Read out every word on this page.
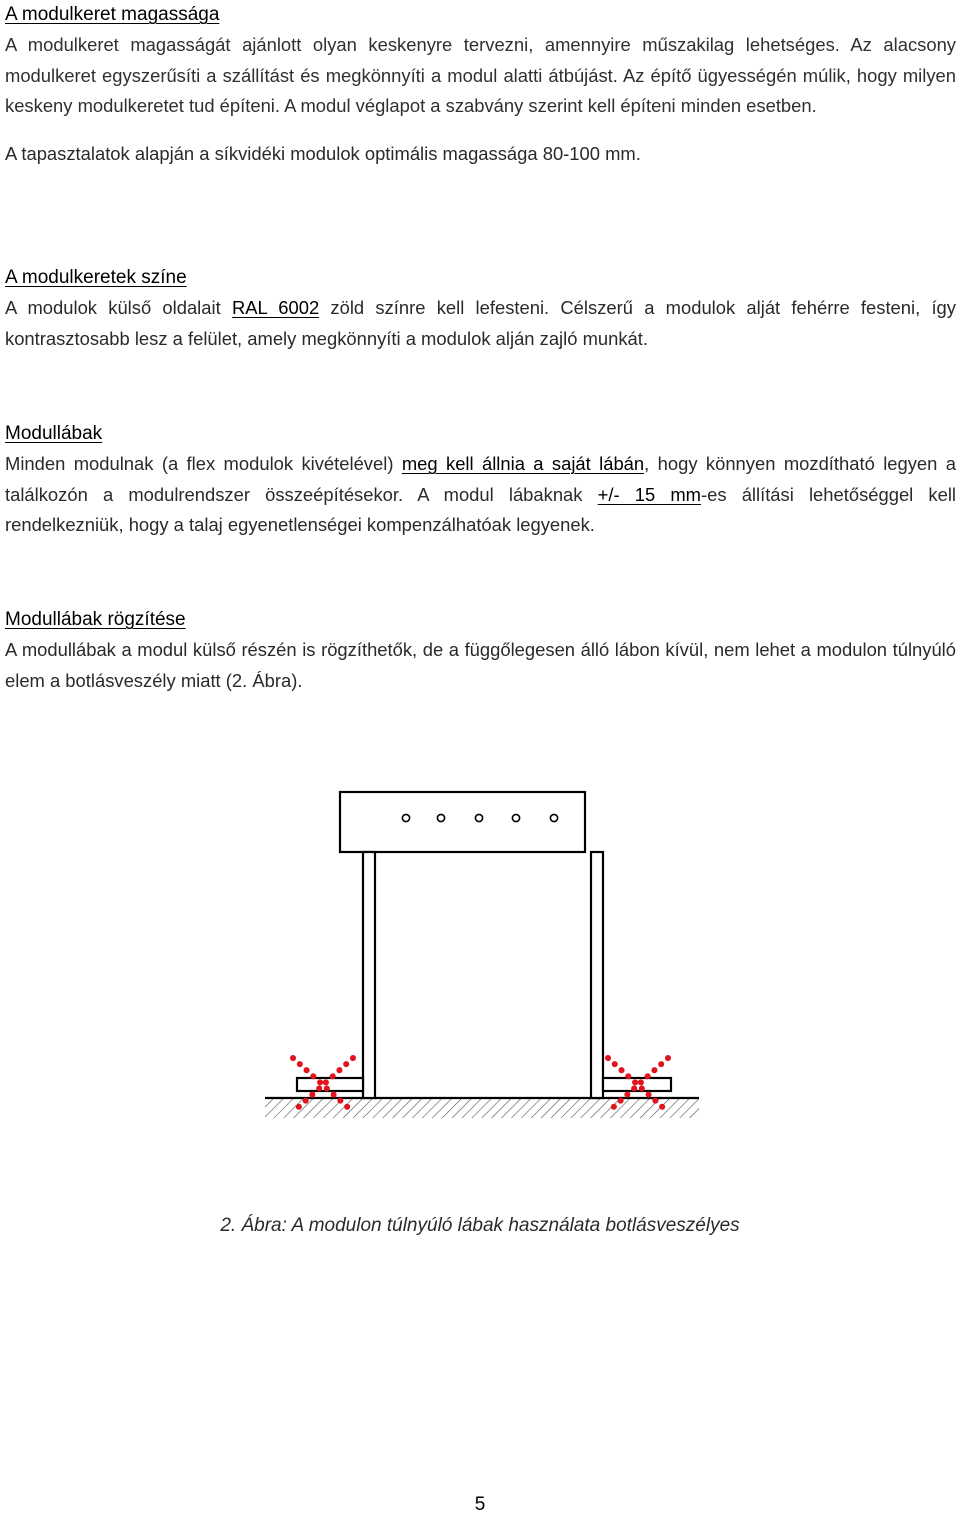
A modulkeret magassága
A modulkeret magasságát ajánlott olyan keskenyre tervezni, amennyire műszakilag lehetséges. Az alacsony modulkeret egyszerűsíti a szállítást és megkönnyíti a modul alatti átbújást. Az építő ügyességén múlik, hogy milyen keskeny modulkeretet tud építeni. A modul véglapot a szabvány szerint kell építeni minden esetben.
A tapasztalatok alapján a síkvidéki modulok optimális magassága 80-100 mm.
A modulkeretek színe
A modulok külső oldalait RAL 6002 zöld színre kell lefesteni. Célszerű a modulok alját fehérre festeni, így kontrasztosabb lesz a felület, amely megkönnyíti a modulok alján zajló munkát.
Modullábak
Minden modulnak (a flex modulok kivételével) meg kell állnia a saját lábán, hogy könnyen mozdítható legyen a találkozón a modulrendszer összeépítésekor. A modul lábaknak +/- 15 mm-es állítási lehetőséggel kell rendelkezniük, hogy a talaj egyenetlenségei kompenzálhatóak legyenek.
Modullábak rögzítése
A modullábak a modul külső részén is rögzíthetők, de a függőlegesen álló lábon kívül, nem lehet a modulon túlnyúló elem a botlásveszély miatt (2. Ábra).
2. Ábra: A modulon túlnyúló lábak használata botlásveszélyes
5
